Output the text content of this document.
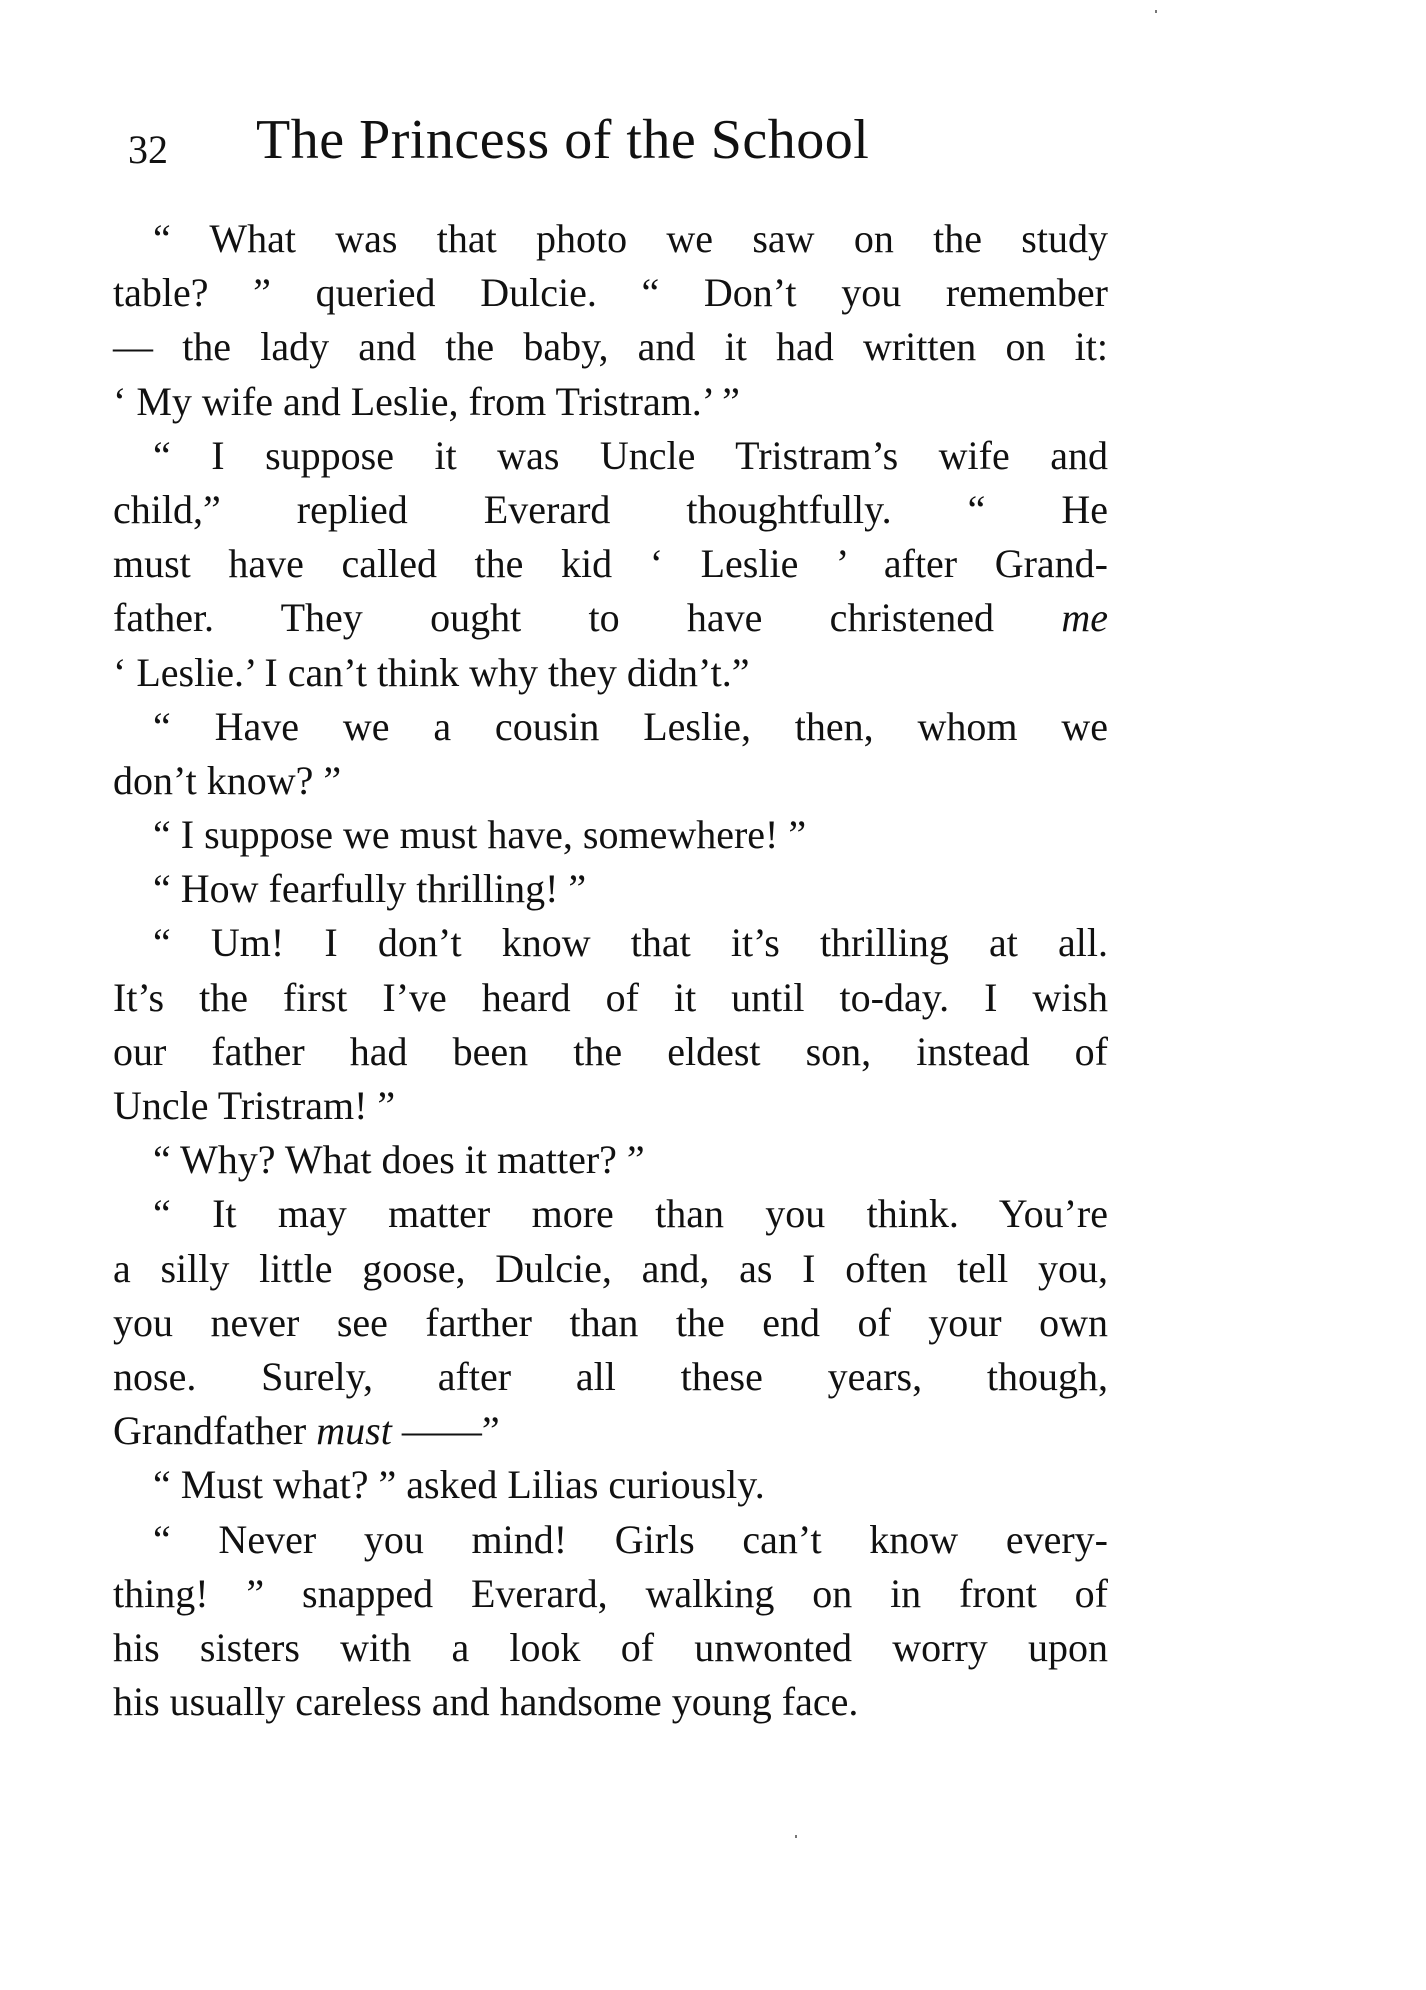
32 The Princess of the School
“ What was that photo we saw on the study
table? ” queried Dulcie. “ Don’t you remember
— the lady and the baby, and it had written on it:
‘ My wife and Leslie, from Tristram.’ ”
“ I suppose it was Uncle Tristram’s wife and
child,” replied Everard thoughtfully. “ He
must have called the kid ‘ Leslie ’ after Grand-
father. They ought to have christened me
‘ Leslie.’ I can’t think why they didn’t.”
“ Have we a cousin Leslie, then, whom we
don’t know? ”
“ I suppose we must have, somewhere! ”
“ How fearfully thrilling! ”
“ Um! I don’t know that it’s thrilling at all.
It’s the first I’ve heard of it until to-day. I wish
our father had been the eldest son, instead of
Uncle Tristram! ”
“ Why? What does it matter? ”
“ It may matter more than you think. You’re
a silly little goose, Dulcie, and, as I often tell you,
you never see farther than the end of your own
nose. Surely, after all these years, though,
Grandfather must ——”
“ Must what? ” asked Lilias curiously.
“ Never you mind! Girls can’t know every-
thing! ” snapped Everard, walking on in front of
his sisters with a look of unwonted worry upon
his usually careless and handsome young face.
